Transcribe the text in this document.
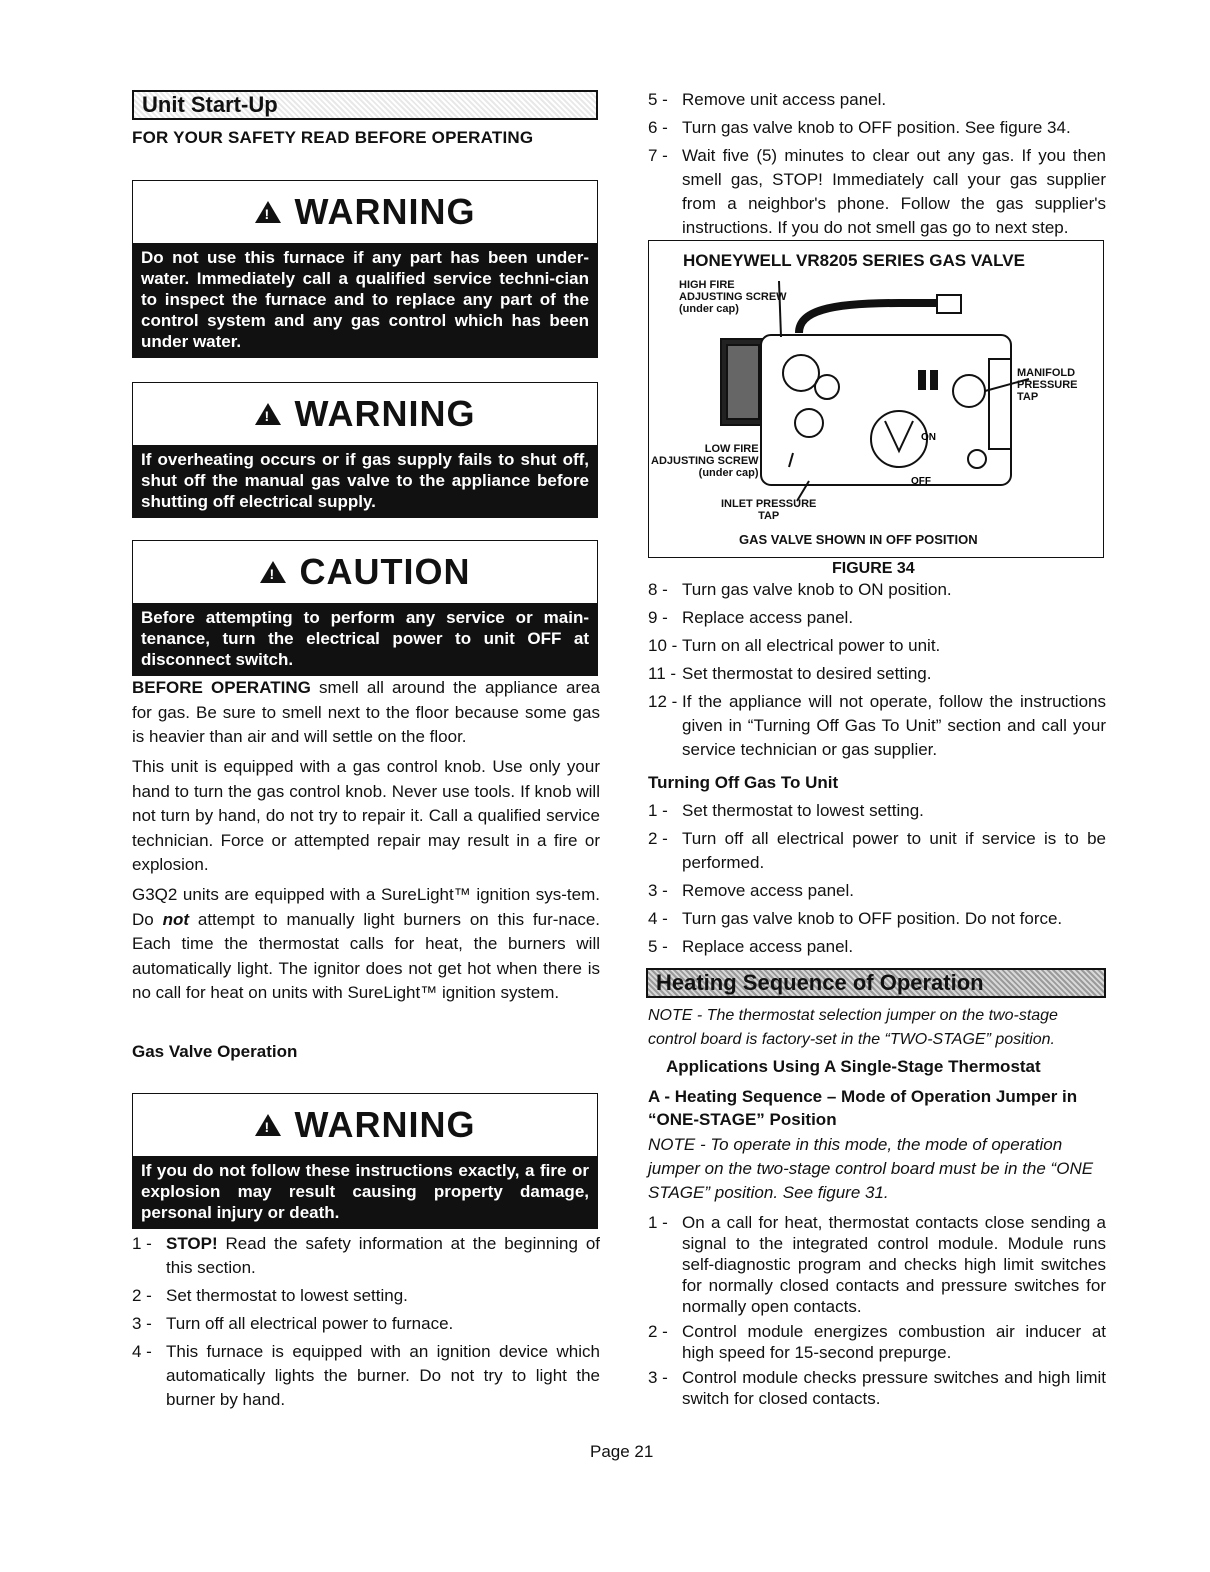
Unit Start-Up
FOR YOUR SAFETY READ BEFORE OPERATING
!
WARNING
Do not use this furnace if any part has been under-water. Immediately call a qualified service techni-cian to inspect the furnace and to replace any part of the control system and any gas control which has been under water.
!
WARNING
If overheating occurs or if gas supply fails to shut off, shut off the manual gas valve to the appliance before shutting off electrical supply.
!
CAUTION
Before attempting to perform any service or main-tenance, turn the electrical power to unit OFF at disconnect switch.
BEFORE OPERATING smell all around the appliance area for gas. Be sure to smell next to the floor because some gas is heavier than air and will settle on the floor.
This unit is equipped with a gas control knob. Use only your hand to turn the gas control knob. Never use tools. If knob will not turn by hand, do not try to repair it. Call a qualified service technician. Force or attempted repair may result in a fire or explosion.
G3Q2 units are equipped with a SureLight™ ignition sys-tem. Do not attempt to manually light burners on this fur-nace. Each time the thermostat calls for heat, the burners will automatically light. The ignitor does not get hot when there is no call for heat on units with SureLight™ ignition system.
Gas Valve Operation
!
WARNING
If you do not follow these instructions exactly, a fire or explosion may result causing property damage, personal injury or death.
1 - STOP! Read the safety information at the beginning of this section.
2 - Set thermostat to lowest setting.
3 - Turn off all electrical power to furnace.
4 - This furnace is equipped with an ignition device which automatically lights the burner. Do not try to light the burner by hand.
5 - Remove unit access panel.
6 - Turn gas valve knob to OFF position. See figure 34.
7 - Wait five (5) minutes to clear out any gas. If you then smell gas, STOP! Immediately call your gas supplier from a neighbor's phone. Follow the gas supplier's instructions. If you do not smell gas go to next step.
HONEYWELL VR8205 SERIES GAS VALVE
HIGH FIRE
ADJUSTING SCREW
(under cap)
MANIFOLD
PRESSURE
TAP
LOW FIRE
ADJUSTING SCREW
(under cap)
INLET PRESSURE
TAP
ON
OFF
GAS VALVE SHOWN IN OFF POSITION
FIGURE 34
8 - Turn gas valve knob to ON position.
9 - Replace access panel.
10 - Turn on all electrical power to unit.
11 - Set thermostat to desired setting.
12 - If the appliance will not operate, follow the instructions given in “Turning Off Gas To Unit” section and call your service technician or gas supplier.
Turning Off Gas To Unit
1 - Set thermostat to lowest setting.
2 - Turn off all electrical power to unit if service is to be performed.
3 - Remove access panel.
4 - Turn gas valve knob to OFF position. Do not force.
5 - Replace access panel.
Heating Sequence of Operation
NOTE - The thermostat selection jumper on the two-stage control board is factory-set in the “TWO-STAGE” position.
Applications Using A Single-Stage Thermostat
A - Heating Sequence – Mode of Operation Jumper in “ONE-STAGE” Position
NOTE - To operate in this mode, the mode of operation jumper on the two-stage control board must be in the “ONE STAGE” position. See figure 31.
1 - On a call for heat, thermostat contacts close sending a signal to the integrated control module. Module runs self-diagnostic program and checks high limit switches for normally closed contacts and pressure switches for normally open contacts.
2 - Control module energizes combustion air inducer at high speed for 15-second prepurge.
3 - Control module checks pressure switches and high limit switch for closed contacts.
Page 21
